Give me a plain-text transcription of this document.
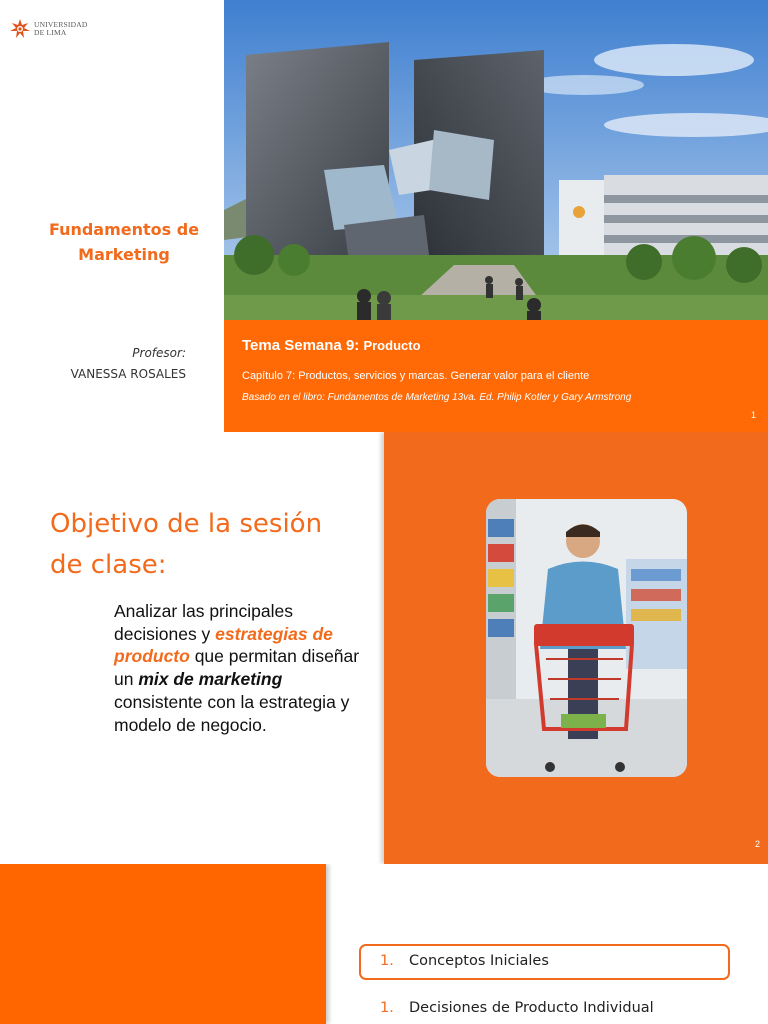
UNIVERSIDAD
DE LIMA
Fundamentos de Marketing
Profesor:
VANESSA ROSALES
Tema Semana 9: Producto
Capítulo 7: Productos, servicios y marcas. Generar valor para el cliente
Basado en el libro: Fundamentos de Marketing 13va. Ed. Philip Kotler y Gary Armstrong
1
Objetivo de la sesión de clase:

Analizar las principales decisiones y estrategias de producto que permitan diseñar un mix de marketing consistente con la estrategia y modelo de negocio.

2
1. Conceptos Iniciales
1. Decisiones de Producto Individual
